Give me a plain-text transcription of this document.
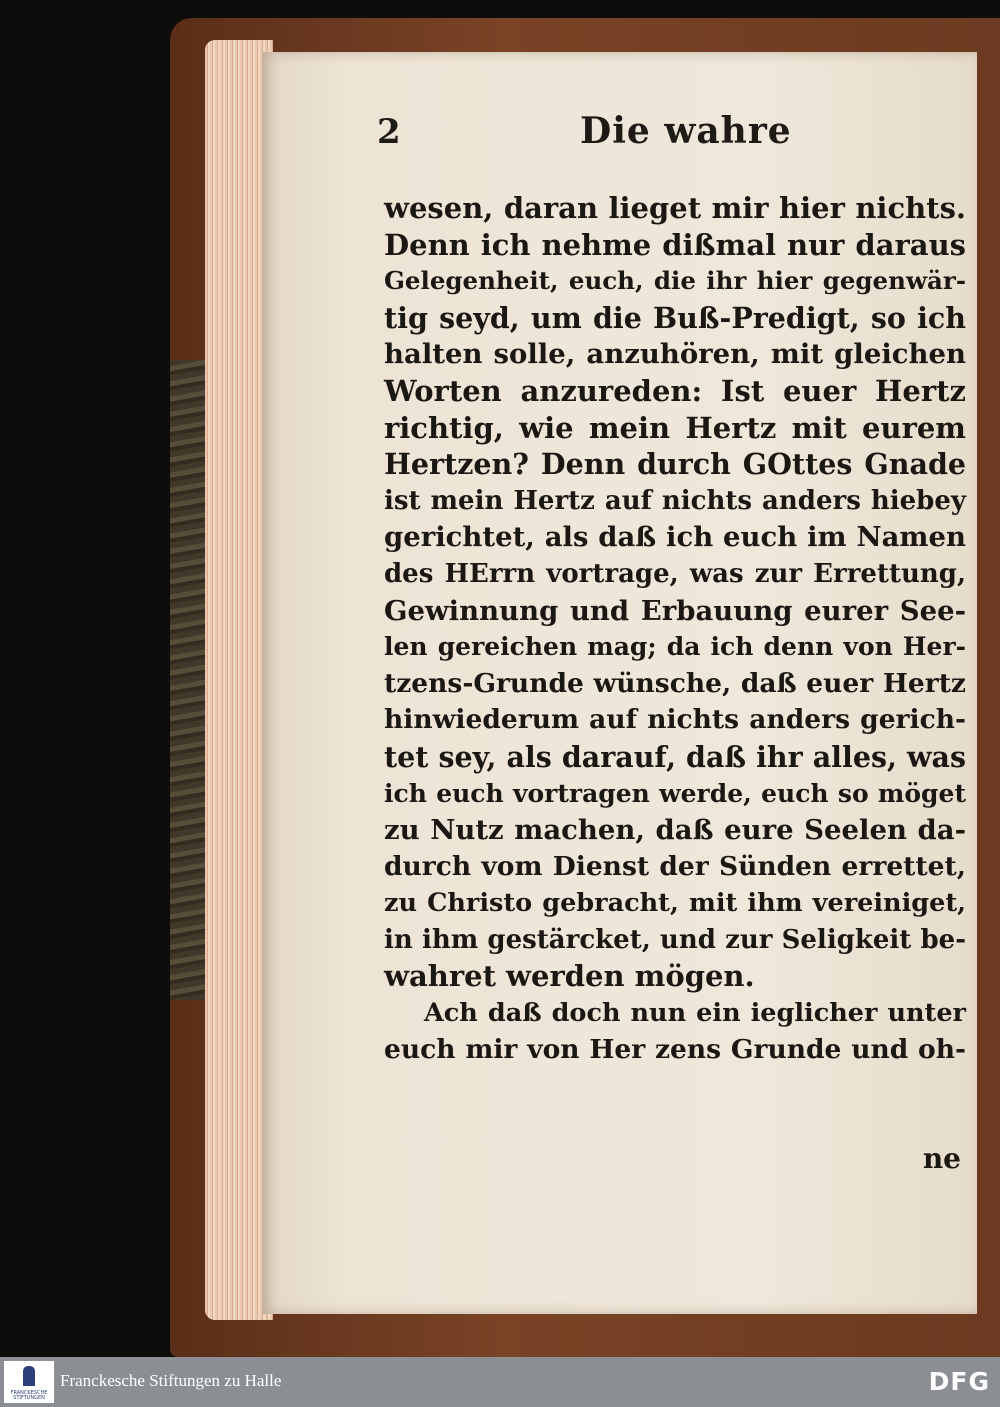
2	Die wahre
wesen, daran lieget mir hier nichts.
Denn ich nehme dißmal nur daraus
Gelegenheit, euch, die ihr hier gegenwär-
tig seyd, um die Buß-Predigt, so ich
halten solle, anzuhören, mit gleichen
Worten anzureden: Ist euer Hertz
richtig, wie mein Hertz mit eurem
Hertzen? Denn durch GOttes Gnade
ist mein Hertz auf nichts anders hiebey
gerichtet, als daß ich euch im Namen
des HErrn vortrage, was zur Errettung,
Gewinnung und Erbauung eurer See-
len gereichen mag; da ich denn von Her-
tzens-Grunde wünsche, daß euer Hertz
hinwiederum auf nichts anders gerich-
tet sey, als darauf, daß ihr alles, was
ich euch vortragen werde, euch so möget
zu Nutz machen, daß eure Seelen da-
durch vom Dienst der Sünden errettet,
zu Christo gebracht, mit ihm vereiniget,
in ihm gestärcket, und zur Seligkeit be-
wahret werden mögen.
Ach daß doch nun ein ieglicher unter
euch mir von Her zens Grunde und oh-
ne
FRANCKESCHE STIFTUNGEN
Franckesche Stiftungen zu Halle	DFG
